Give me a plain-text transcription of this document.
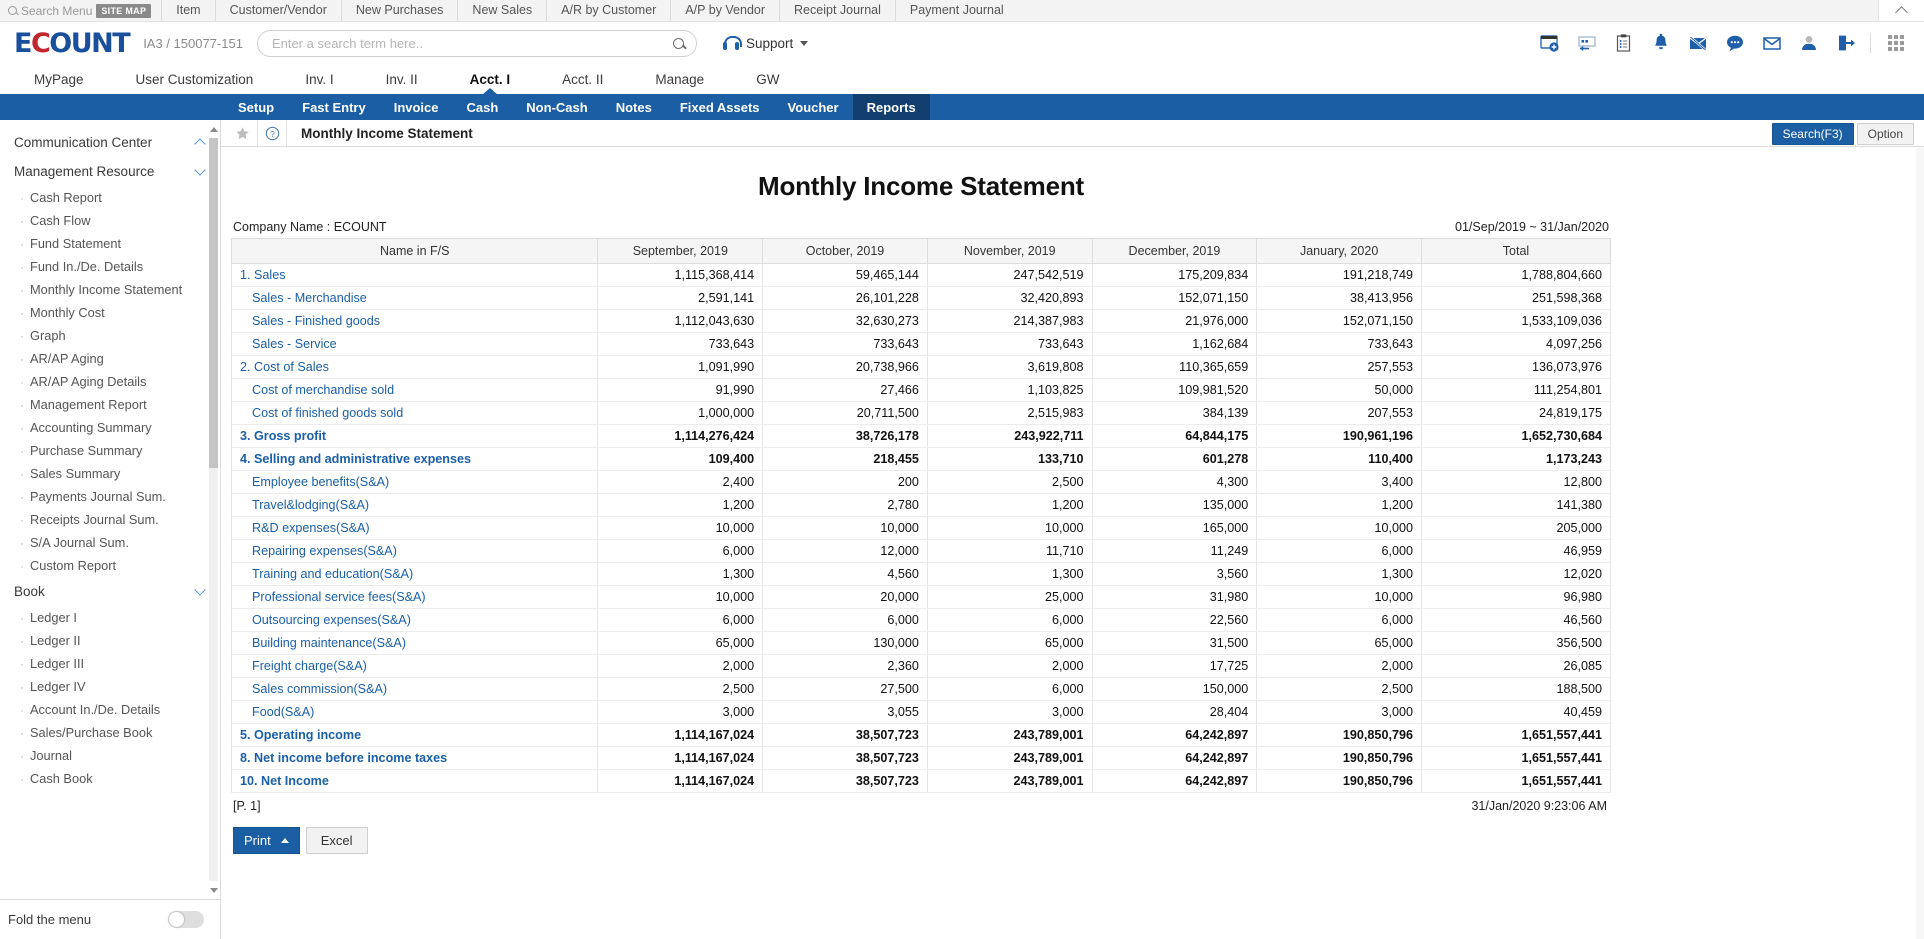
Search Menu	SITE MAP	Item	Customer/Vendor	New Purchases	New Sales	A/R by Customer	A/P by Vendor	Receipt Journal	Payment Journal
E C OUNT IA3 / 150077-151
Enter a search term here..	Support
MyPage	User Customization	Inv. I	Inv. II	Acct. I	Acct. II	Manage	GW
Setup	Fast Entry	Invoice	Cash	Non-Cash	Notes	Fixed Assets	Voucher	Reports
Communication Center
Management Resource
· Cash Report
· Cash Flow
· Fund Statement
· Fund In./De. Details
· Monthly Income Statement
· Monthly Cost
· Graph
· AR/AP Aging
· AR/AP Aging Details
· Management Report
· Accounting Summary
· Purchase Summary
· Sales Summary
· Payments Journal Sum.
· Receipts Journal Sum.
· S/A Journal Sum.
· Custom Report
Book
· Ledger I
· Ledger II
· Ledger III
· Ledger IV
· Account In./De. Details
· Sales/Purchase Book
· Journal
· Cash Book
Fold the menu
? Monthly Income Statement	Search(F3)	Option
Monthly Income Statement
Company Name : ECOUNT	01/Sep/2019 ~ 31/Jan/2020
Name in F/S	September, 2019	October, 2019	November, 2019	December, 2019	January, 2020	Total
1. Sales	1,115,368,414	59,465,144	247,542,519	175,209,834	191,218,749	1,788,804,660
Sales - Merchandise	2,591,141	26,101,228	32,420,893	152,071,150	38,413,956	251,598,368
Sales - Finished goods	1,112,043,630	32,630,273	214,387,983	21,976,000	152,071,150	1,533,109,036
Sales - Service	733,643	733,643	733,643	1,162,684	733,643	4,097,256
2. Cost of Sales	1,091,990	20,738,966	3,619,808	110,365,659	257,553	136,073,976
Cost of merchandise sold	91,990	27,466	1,103,825	109,981,520	50,000	111,254,801
Cost of finished goods sold	1,000,000	20,711,500	2,515,983	384,139	207,553	24,819,175
3. Gross profit	1,114,276,424	38,726,178	243,922,711	64,844,175	190,961,196	1,652,730,684
4. Selling and administrative expenses	109,400	218,455	133,710	601,278	110,400	1,173,243
Employee benefits(S&A)	2,400	200	2,500	4,300	3,400	12,800
Travel&lodging(S&A)	1,200	2,780	1,200	135,000	1,200	141,380
R&D expenses(S&A)	10,000	10,000	10,000	165,000	10,000	205,000
Repairing expenses(S&A)	6,000	12,000	11,710	11,249	6,000	46,959
Training and education(S&A)	1,300	4,560	1,300	3,560	1,300	12,020
Professional service fees(S&A)	10,000	20,000	25,000	31,980	10,000	96,980
Outsourcing expenses(S&A)	6,000	6,000	6,000	22,560	6,000	46,560
Building maintenance(S&A)	65,000	130,000	65,000	31,500	65,000	356,500
Freight charge(S&A)	2,000	2,360	2,000	17,725	2,000	26,085
Sales commission(S&A)	2,500	27,500	6,000	150,000	2,500	188,500
Food(S&A)	3,000	3,055	3,000	28,404	3,000	40,459
5. Operating income	1,114,167,024	38,507,723	243,789,001	64,242,897	190,850,796	1,651,557,441
8. Net income before income taxes	1,114,167,024	38,507,723	243,789,001	64,242,897	190,850,796	1,651,557,441
10. Net Income	1,114,167,024	38,507,723	243,789,001	64,242,897	190,850,796	1,651,557,441
[P. 1]	31/Jan/2020 9:23:06 AM
Print	Excel
